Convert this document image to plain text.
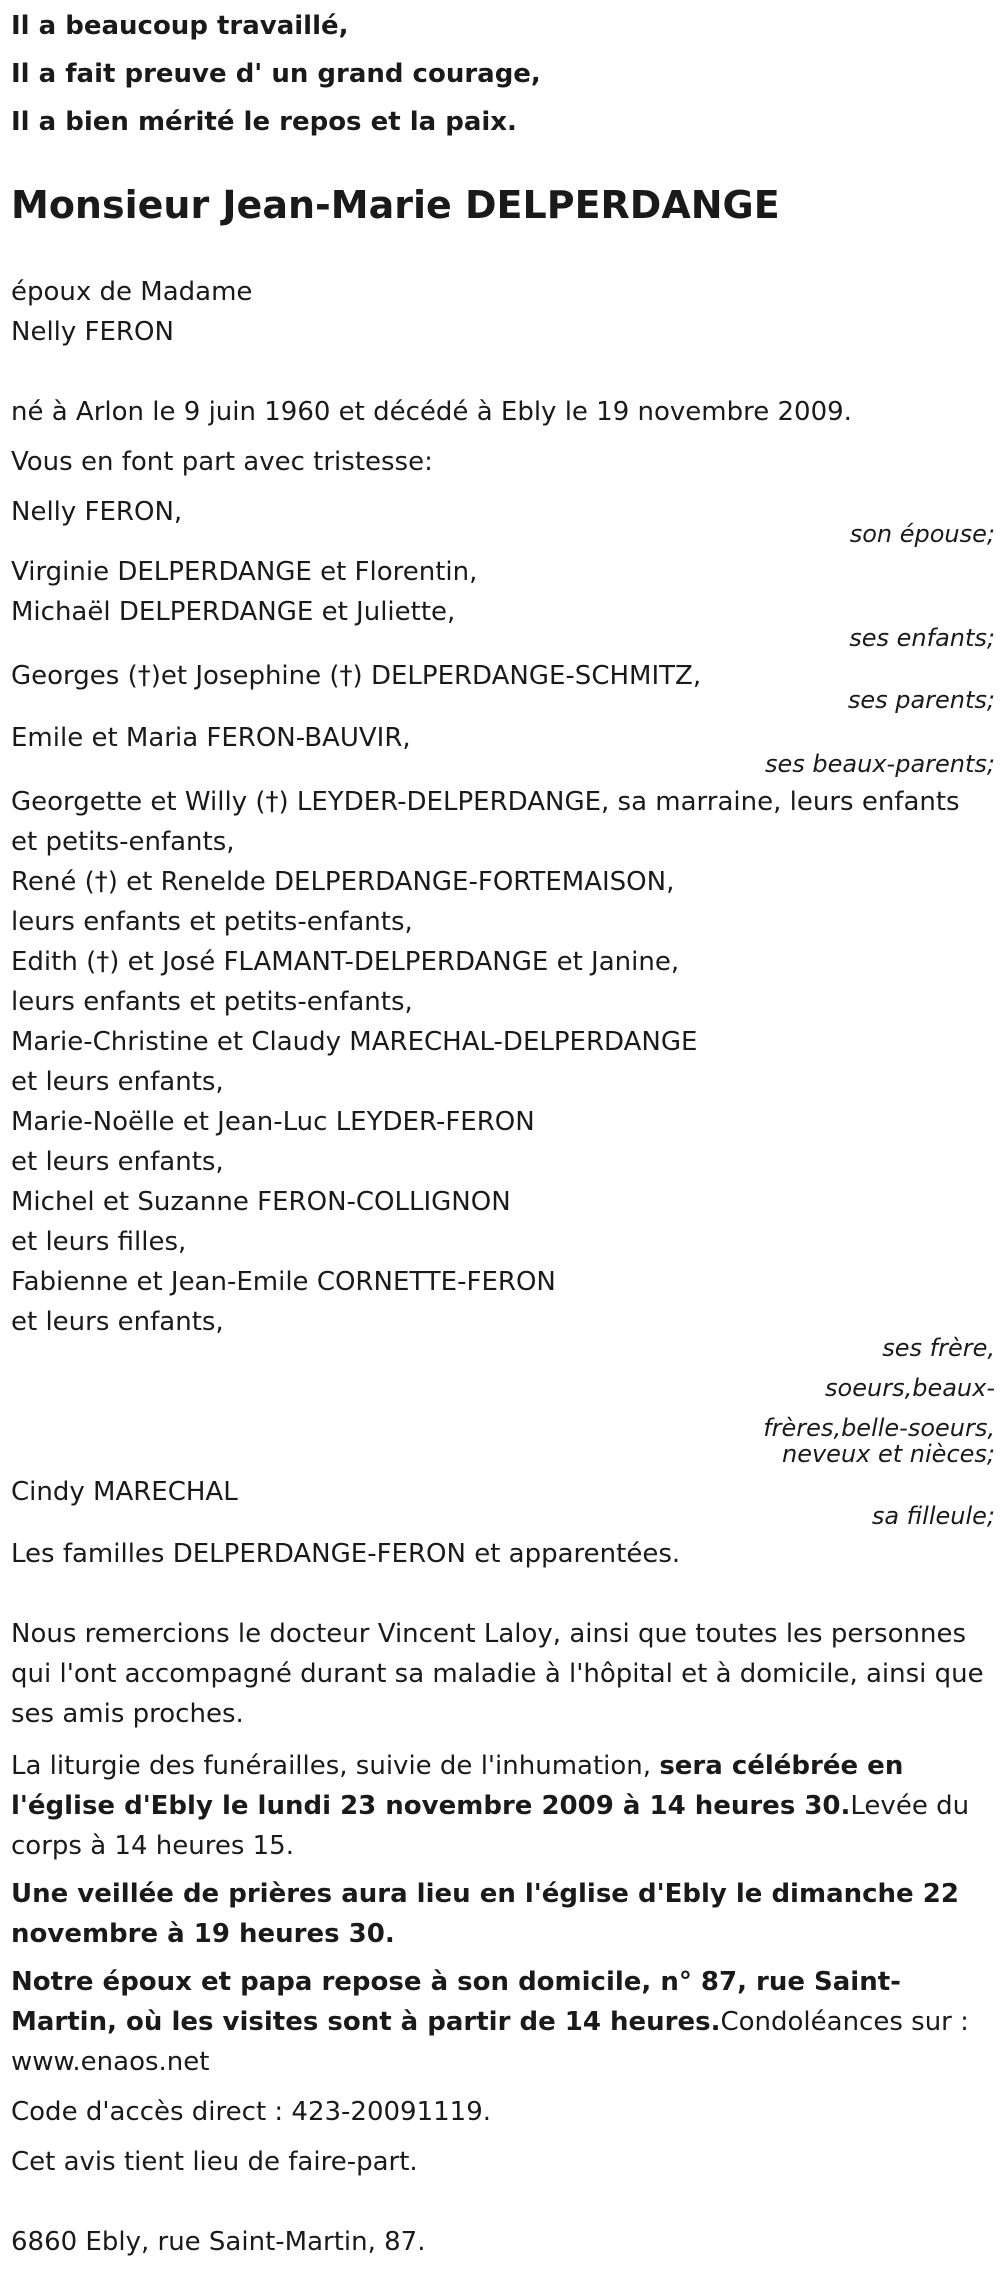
Il a beaucoup travaillé,
Il a fait preuve d' un grand courage,
Il a bien mérité le repos et la paix.
Monsieur Jean-Marie DELPERDANGE
époux de Madame
Nelly FERON
né à Arlon le 9 juin 1960 et décédé à Ebly le 19 novembre 2009.
Vous en font part avec tristesse:
Nelly FERON,
son épouse;
Virginie DELPERDANGE et Florentin,
Michaël DELPERDANGE et Juliette,
ses enfants;
Georges (†)et Josephine (†) DELPERDANGE-SCHMITZ,
ses parents;
Emile et Maria FERON-BAUVIR,
ses beaux-parents;
Georgette et Willy (†) LEYDER-DELPERDANGE, sa marraine, leurs enfants
et petits-enfants,
René (†) et Renelde DELPERDANGE-FORTEMAISON,
leurs enfants et petits-enfants,
Edith (†) et José FLAMANT-DELPERDANGE et Janine,
leurs enfants et petits-enfants,
Marie-Christine et Claudy MARECHAL-DELPERDANGE
et leurs enfants,
Marie-Noëlle et Jean-Luc LEYDER-FERON
et leurs enfants,
Michel et Suzanne FERON-COLLIGNON
et leurs filles,
Fabienne et Jean-Emile CORNETTE-FERON
et leurs enfants,
ses frère,
soeurs,beaux-
frères,belle-soeurs,
neveux et nièces;
Cindy MARECHAL
sa filleule;
Les familles DELPERDANGE-FERON et apparentées.
Nous remercions le docteur Vincent Laloy, ainsi que toutes les personnes qui l'ont accompagné durant sa maladie à l'hôpital et à domicile, ainsi que ses amis proches.
La liturgie des funérailles, suivie de l'inhumation, sera célébrée en l'église d'Ebly le lundi 23 novembre 2009 à 14 heures 30.Levée du corps à 14 heures 15.
Une veillée de prières aura lieu en l'église d'Ebly le dimanche 22 novembre à 19 heures 30.
Notre époux et papa repose à son domicile, n° 87, rue Saint-Martin, où les visites sont à partir de 14 heures.Condoléances sur : www.enaos.net
Code d'accès direct : 423-20091119.
Cet avis tient lieu de faire-part.
6860 Ebly, rue Saint-Martin, 87.
